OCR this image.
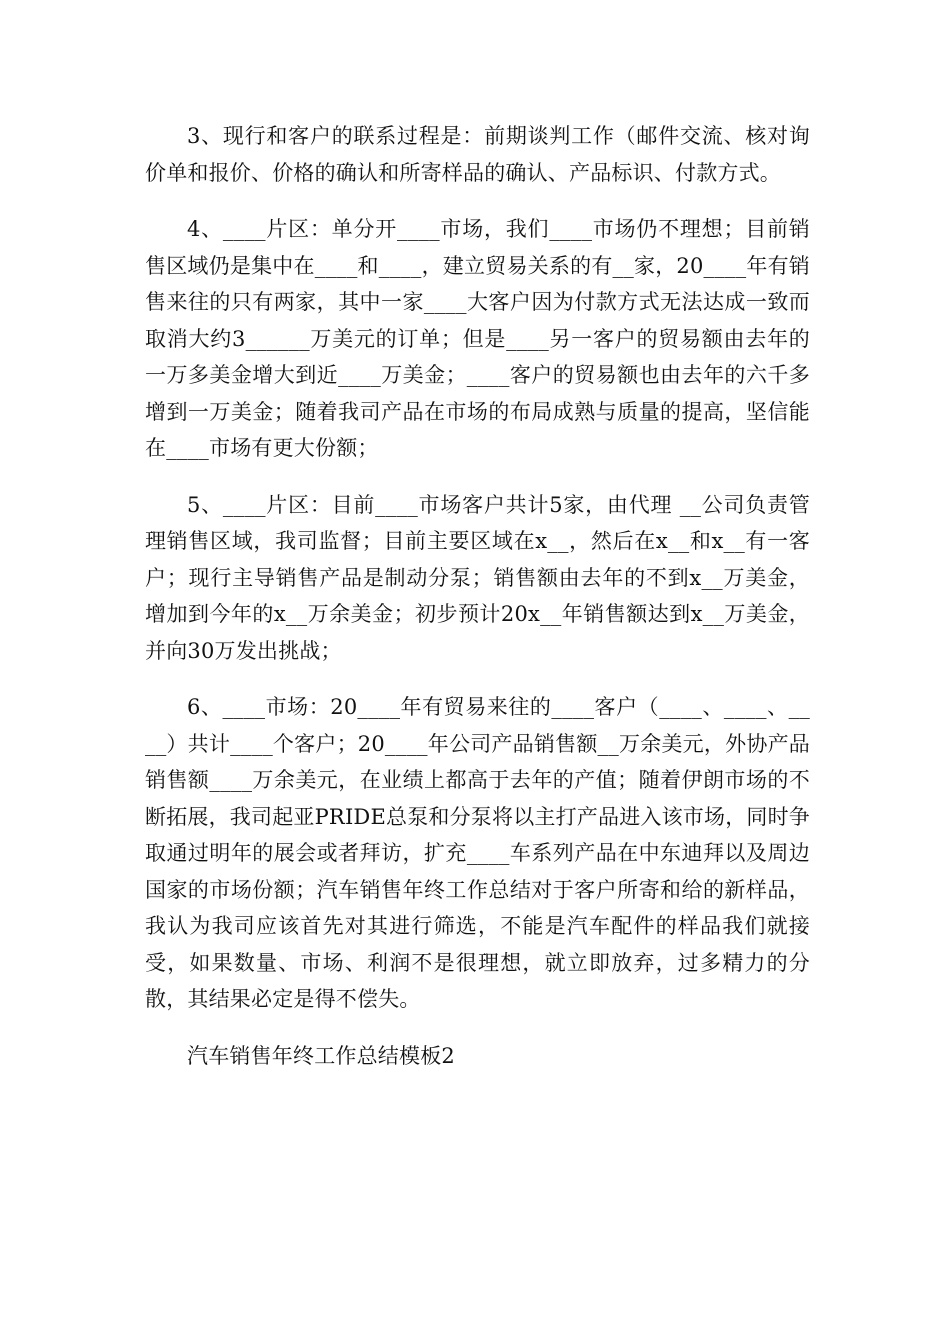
3、现行和客户的联系过程是：前期谈判工作（邮件交流、核对询价单和报价、价格的确认和所寄样品的确认、产品标识、付款方式。

4、____片区：单分开____市场，我们____市场仍不理想；目前销售区域仍是集中在____和____，建立贸易关系的有__家，20____年有销售来往的只有两家，其中一家____大客户因为付款方式无法达成一致而取消大约3______万美元的订单；但是____另一客户的贸易额由去年的一万多美金增大到近____万美金；____客户的贸易额也由去年的六千多增到一万美金；随着我司产品在市场的布局成熟与质量的提高，坚信能在____市场有更大份额；

5、____片区：目前____市场客户共计5家，由代理 __公司负责管理销售区域，我司监督；目前主要区域在x__，然后在x__和x__有一客户；现行主导销售产品是制动分泵；销售额由去年的不到x__万美金，增加到今年的x__万余美金；初步预计20x__年销售额达到x__万美金，并向30万发出挑战；

6、____市场：20____年有贸易来往的____客户（____、____、____）共计____个客户；20____年公司产品销售额__万余美元，外协产品销售额____万余美元，在业绩上都高于去年的产值；随着伊朗市场的不断拓展，我司起亚PRIDE总泵和分泵将以主打产品进入该市场，同时争取通过明年的展会或者拜访，扩充____车系列产品在中东迪拜以及周边国家的市场份额；汽车销售年终工作总结对于客户所寄和给的新样品，我认为我司应该首先对其进行筛选，不能是汽车配件的样品我们就接受，如果数量、市场、利润不是很理想，就立即放弃，过多精力的分散，其结果必定是得不偿失。

汽车销售年终工作总结模板2
